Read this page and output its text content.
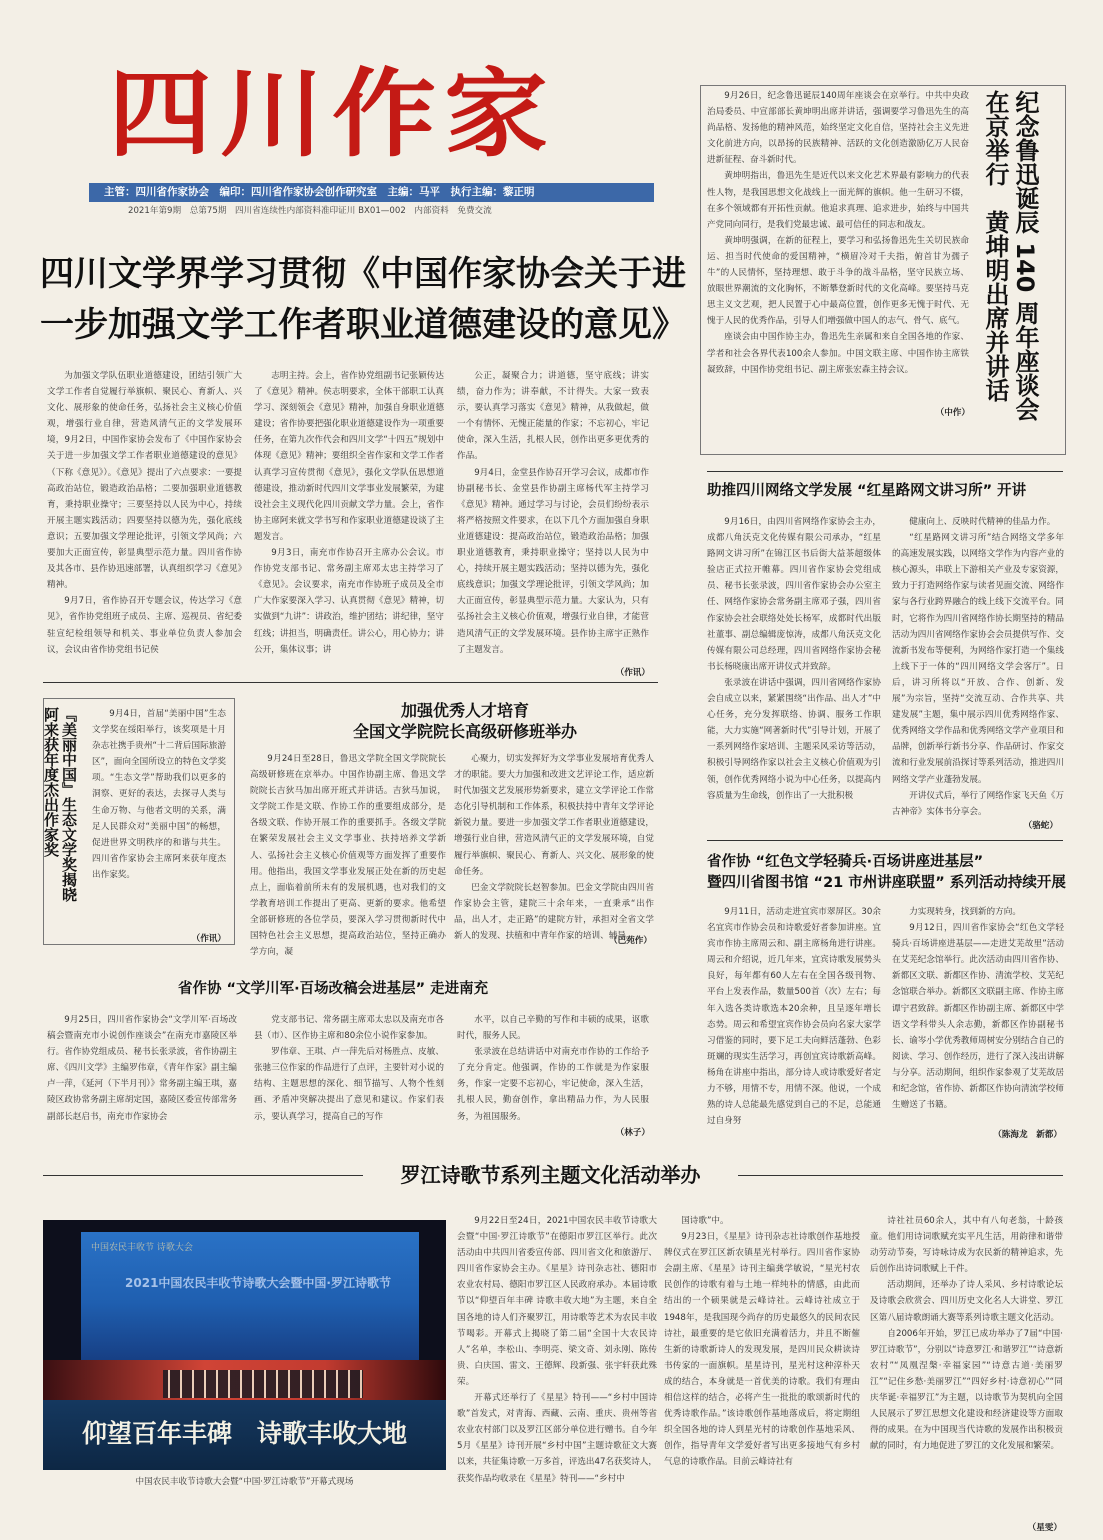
四川作家
主管：四川省作家协会　编印：四川省作家协会创作研究室　主编：马平　执行主编：黎正明
2021年第9期　总第75期　四川省连续性内部资料准印证川 BX01—002　内部资料　免费交流
四川文学界学习贯彻《中国作家协会关于进
一步加强文学工作者职业道德建设的意见》

为加强文学队伍职业道德建设，团结引领广大文学工作者自觉履行举旗帜、聚民心、育新人、兴文化、展形象的使命任务，弘扬社会主义核心价值观，增强行业自律，营造风清气正的文学发展环境，9月2日，中国作家协会发布了《中国作家协会关于进一步加强文学工作者职业道德建设的意见》（下称《意见》）。《意见》提出了六点要求：一要提高政治站位，锻造政治品格；二要加强职业道德教育，秉持职业操守；三要坚持以人民为中心，持续开展主题实践活动；四要坚持以德为先，强化底线意识；五要加强文学理论批评，引领文学风尚；六要加大正面宣传，彰显典型示范力量。四川省作协及其各市、县作协迅速部署，认真组织学习《意见》精神。

9月7日，省作协召开专题会议，传达学习《意见》，省作协党组班子成员、主席、巡视员、省纪委驻宣纪检组领导和机关、事业单位负责人参加会议，会议由省作协党组书记侯

志明主持。会上，省作协党组副书记张颖传达了《意见》精神。侯志明要求，全体干部职工认真学习、深刻领会《意见》精神，加强自身职业道德建设；省作协要把强化职业道德建设作为一项重要任务，在第九次作代会和四川文学“十四五”规划中体现《意见》精神；要组织全省作家和文学工作者认真学习宣传贯彻《意见》，强化文学队伍思想道德建设，推动新时代四川文学事业发展繁荣，为建设社会主义现代化四川贡献文学力量。会上，省作协主席阿来就文学书写和作家职业道德建设谈了主题发言。

9月3日，南充市作协召开主席办公会议。市作协党支部书记、常务副主席邓太忠主持学习了《意见》。会议要求，南充市作协班子成员及全市广大作家要深入学习、认真贯彻《意见》精神，切实做到“九讲”：讲政治，维护团结；讲纪律，坚守红线；讲担当，明确责任。讲公心，用心协力；讲公开，集体议事；讲

公正，凝聚合力；讲道德，坚守底线；讲实绩，奋力作为；讲奉献，不计得失。大家一致表示，要认真学习落实《意见》精神，从我做起，做一个有情怀、无愧正能量的作家；不忘初心，牢记使命，深入生活，扎根人民，创作出更多更优秀的作品。

9月4日，金堂县作协召开学习会议，成都市作协副秘书长、金堂县作协副主席杨代军主持学习《意见》精神。通过学习与讨论，会员们纷纷表示将严格按照文件要求，在以下几个方面加强自身职业道德建设：提高政治站位，锻造政治品格；加强职业道德教育，秉持职业操守；坚持以人民为中心，持续开展主题实践活动；坚持以德为先，强化底线意识；加强文学理论批评，引领文学风尚；加大正面宣传，彰显典型示范力量。大家认为，只有弘扬社会主义核心价值观，增强行业自律，才能营造风清气正的文学发展环境。县作协主席宇正熟作了主题发言。

（作讯）

9月26日，纪念鲁迅诞辰140周年座谈会在京举行。中共中央政治局委员、中宣部部长黄坤明出席并讲话，强调要学习鲁迅先生的高尚品格、发扬他的精神风范，始终坚定文化自信，坚持社会主义先进文化前进方向，以昂扬的民族精神、活跃的文化创造激励亿万人民奋进新征程、奋斗新时代。

黄坤明指出，鲁迅先生是近代以来文化艺术界最有影响力的代表性人物，是我国思想文化战线上一面光辉的旗帜。他一生研习不辍，在多个领域都有开拓性贡献。他追求真理、追求进步，始终与中国共产党同向同行，是我们党最忠诚、最可信任的同志和战友。

黄坤明强调，在新的征程上，要学习和弘扬鲁迅先生关切民族命运、担当时代使命的爱国精神，“横眉冷对千夫指，俯首甘为孺子牛”的人民情怀，坚持理想、敢于斗争的战斗品格，坚守民族立场、放眼世界潮流的文化胸怀，不断攀登新时代的文化高峰。要坚持马克思主义文艺观，把人民置于心中最高位置，创作更多无愧于时代、无愧于人民的优秀作品，引导人们增强做中国人的志气、骨气、底气。

座谈会由中国作协主办，鲁迅先生亲属和来自全国各地的作家、学者和社会各界代表100余人参加。中国文联主席、中国作协主席铁凝致辞，中国作协党组书记、副主席张宏森主持会议。

（中作） 纪念鲁迅诞辰 140 周年座谈会
在京举行　黄坤明出席并讲话
助推四川网络文学发展 “红星路网文讲习所” 开讲

9月16日，由四川省网络作家协会主办，成都八角沃克文化传媒有限公司承办，“红星路网文讲习所”在锦江区书后街大益茶超级体验店正式拉开帷幕。四川省作家协会党组成员、秘书长张录波，四川省作家协会办公室主任、网络作家协会常务副主席邓子强，四川省作家协会社会联络处处长杨军，成都时代出版社董事、副总编辑庞惊涛，成都八角沃克文化传媒有限公司总经理，四川省网络作家协会秘书长杨晓康出席开讲仪式并致辞。

张录波在讲话中强调，四川省网络作家协会自成立以来，紧紧围绕“出作品、出人才”中心任务，充分发挥联络、协调、服务工作职能，大力实施“网著新时代”引导计划，开展了一系列网络作家培训、主题采风采访等活动，积极引导网络作家以社会主义核心价值观为引领，创作优秀网络小说为中心任务，以提高内容质量为生命线，创作出了一大批积极

健康向上、反映时代精神的佳品力作。

“红星路网文讲习所”结合网络文学多年的高速发展实践，以网络文学作为内容产业的核心源头，串联上下游相关产业及专家资源，致力于打造网络作家与读者见面交流、网络作家与各行业跨界融合的线上线下交流平台。同时，它将作为四川省网络作协长期坚持的精品活动为四川省网络作家协会会员提供写作、交流新书发布等便利，为网络作家打造一个集线上线下于一体的“四川网络文学会客厅”。日后，讲习所将以“开放、合作、创新、发展”为宗旨，坚持“交流互动、合作共享、共建发展”主题，集中展示四川优秀网络作家、优秀网络文学作品和优秀网络文学产业项目和品牌，创新举行新书分享、作品研讨、作家交流和行业发展前沿探讨等系列活动，推进四川网络文学产业蓬勃发展。

开讲仪式后，举行了网络作家飞天鱼《万古神帝》实体书分享会。

（骆蛇）
省作协 “红色文学轻骑兵·百场讲座进基层”
暨四川省图书馆 “21 市州讲座联盟” 系列活动持续开展

9月11日，活动走进宜宾市翠屏区。30余名宜宾市作协会员和诗歌爱好者参加讲座。宜宾市作协主席周云和、副主席杨角进行讲座。周云和介绍说，近几年来，宜宾诗歌发展势头良好，每年都有60人左右在全国各级刊物、平台上发表作品，数量500首（次）左右；每年入选各类诗歌选本20余种，且呈逐年增长态势。周云和希望宜宾作协会员向名家大家学习借鉴的同时，要下足工夫向鲜活蓬勃、色彩斑斓的现实生活学习，再创宜宾诗歌新高峰。杨角在讲座中指出，部分诗人或诗歌爱好者定力不够，用情不专，用情不深。他说，一个成熟的诗人总能最先感觉到自己的不足，总能通过自身努

力实现转身，找到新的方向。

9月12日，四川省作家协会“红色文学轻骑兵·百场讲座进基层——走进艾芜故里”活动在艾芜纪念馆举行。此次活动由四川省作协、新都区文联、新都区作协、清流学校、艾芜纪念馆联合举办。新都区文联副主席、作协主席谭宁君致辞。新都区作协副主席、新都区中学语文学科带头人余志勤，新都区作协副秘书长、谕岑小学优秀教师周树安分别结合自己的阅读、学习、创作经历，进行了深入浅出讲解与分享。活动期间，组织作家参观了艾芜故居和纪念馆，省作协、新都区作协向清流学校师生赠送了书籍。

（陈海龙　新都）
『美丽中国』生态文学奖揭晓
阿来获年度杰出作家奖	9月4日，首届“美丽中国”生态文学奖在绥阳举行，该奖项是十月杂志社携手贵州“十二背后国际旅游区”，面向全国所设立的特色文学奖项。“生态文学”帮助我们以更多的洞察、更好的表达，去探寻人类与生命万物、与他者文明的关系，满足人民群众对“美丽中国”的畅想，促进世界文明秩序的和谐与共生。四川省作家协会主席阿来获年度杰出作家奖。

（作讯）
加强优秀人才培育
全国文学院院长高级研修班举办

9月24日至28日，鲁迅文学院全国文学院院长高级研修班在京举办。中国作协副主席、鲁迅文学院院长吉狄马加出席开班式并讲话。吉狄马加说，文学院工作是文联、作协工作的重要组成部分，是各级文联、作协开展工作的重要抓手。各级文学院在繁荣发展社会主义文学事业、扶持培养文学新人、弘扬社会主义核心价值观等方面发挥了重要作用。他指出，我国文学事业发展正处在新的历史起点上，面临着前所未有的发展机遇，也对我们的文学教育培训工作提出了更高、更新的要求。他希望全部研修班的各位学员，要深入学习贯彻新时代中国特色社会主义思想，提高政治站位，坚持正确办学方向，凝

心聚力，切实发挥好为文学事业发展培育优秀人才的职能。要大力加强和改进文艺评论工作，适应新时代加强文艺发展形势新要求，建立文学评论工作常态化引导机制和工作体系，积极扶持中青年文学评论新锐力量。要进一步加强文学工作者职业道德建设，增强行业自律，营造风清气正的文学发展环境，自觉履行举旗帜、聚民心、育新人、兴文化、展形象的使命任务。

巴金文学院院长赵智参加。巴金文学院由四川省作家协会主管，建院三十余年来，一直秉承“出作品，出人才，走正路”的建院方针，承担对全省文学新人的发现、扶植和中青年作家的培训、辅导。

（巴苑作）
省作协 “文学川军·百场改稿会进基层” 走进南充

9月25日，四川省作家协会“文学川军·百场改稿会暨南充市小说创作座谈会”在南充市嘉陵区举行。省作协党组成员、秘书长张录波，省作协副主席、《四川文学》主编罗伟章，《青年作家》副主编卢一萍，《延河（下半月刊）》常务副主编王琪，嘉陵区政协常务副主席胡定国，嘉陵区委宣传部常务副部长赵启书，南充市作家协会

党支部书记、常务副主席邓太忠以及南充市各县（市）、区作协主席和80余位小说作家参加。

罗伟章、王琪、卢一萍先后对杨胜点、皮敏、张驰三位作家的作品进行了点评，主要针对小说的结构、主题思想的深化、细节描写、人物个性刻画、矛盾冲突解决提出了意见和建议。作家们表示，要认真学习，提高自己的写作

水平，以自己辛勤的写作和丰硕的成果，讴歌时代，服务人民。

张录波在总结讲话中对南充市作协的工作给予了充分肯定。他强调，作协的工作就是为作家服务，作家一定要不忘初心，牢记使命，深入生活，扎根人民，勤奋创作，拿出精品力作，为人民服务，为祖国服务。

（林子）
罗江诗歌节系列主题文化活动举办
2021中国农民丰收节诗歌大会暨中国·罗江诗歌节
中国农民丰收节 诗歌大会
仰望百年丰碑　诗歌丰收大地
中国农民丰收节诗歌大会暨“中国·罗江诗歌节”开幕式现场

9月22日至24日，2021中国农民丰收节诗歌大会暨“中国·罗江诗歌节”在德阳市罗江区举行。此次活动由中共四川省委宣传部、四川省文化和旅游厅、四川省作家协会主办。《星星》诗刊杂志社、德阳市农业农村局、德阳市罗江区人民政府承办。本届诗歌节以“仰望百年丰碑 诗歌丰收大地”为主题，来自全国各地的诗人们齐聚罗江，用诗歌等艺术为农民丰收节喝彩。开幕式上揭晓了第二届“全国十大农民诗人”名单，李松山、李明亮、梁文奇、刘永刚、陈传贵、白庆国、雷文、王德辉、段新强、张宇轩获此殊荣。

开幕式还举行了《星星》特刊——“乡村中国诗歌”首发式，对青海、西藏、云南、重庆、贵州等省农业农村部门以及罗江区部分单位进行赠书。自今年5月《星星》诗刊开展“乡村中国”主题诗歌征文大赛以来，共征集诗歌一万多首，评选出47名获奖诗人，获奖作品均收录在《星星》特刊——“乡村中

国诗歌”中。

9月23日，《星星》诗刊杂志社诗歌创作基地授牌仪式在罗江区新农镇星光村举行。四川省作家协会副主席、《星星》诗刊主编龚学敏说，“星光村农民创作的诗歌有着与土地一样纯朴的情感，由此而结出的一个硕果就是云峰诗社。云峰诗社成立于1948年，是我国现今尚存的历史最悠久的民间农民诗社，最重要的是它依旧充满着活力，并且不断催生新的诗歌新诗人的发现发展，是四川民众耕读诗书传家的一面旗帜。星星诗刊，星光村这种淳朴天成的结合，本身就是一首优美的诗歌。我们有理由相信这样的结合，必将产生一批批的歌颂新时代的优秀诗歌作品。”该诗歌创作基地落成后，将定期组织全国各地的诗人到星光村的诗歌创作基地采风、创作，指导青年文学爱好者写出更多接地气有乡村气息的诗歌作品。目前云峰诗社有

诗社社员60余人，其中有八旬老翁，十龄孩童。他们用诗词歌赋充实平凡生活，用韵律和谐带动劳动节奏，写诗咏诗成为农民新的精神追求，先后创作出诗词歌赋上千件。

活动期间，还举办了诗人采风、乡村诗歌论坛及诗歌会欣赏会、四川历史文化名人大讲堂、罗江区第八届诗歌朗诵大赛等系列诗歌主题文化活动。

自2006年开始，罗江已成功举办了7届“中国·罗江诗歌节”，分别以“诗意罗江·和谐罗江”“诗意新农村”“凤凰涅槃·幸福家园”“诗意古道·美丽罗江”“记住乡愁·美丽罗江”“四好乡村·诗意初心”“同庆华诞·幸福罗江”为主题，以诗歌节为契机向全国人民展示了罗江思想文化建设和经济建设等方面取得的成果。在为中国现当代诗歌的发展作出积极贡献的同时，有力地促进了罗江的文化发展和繁荣。

（星雯）
